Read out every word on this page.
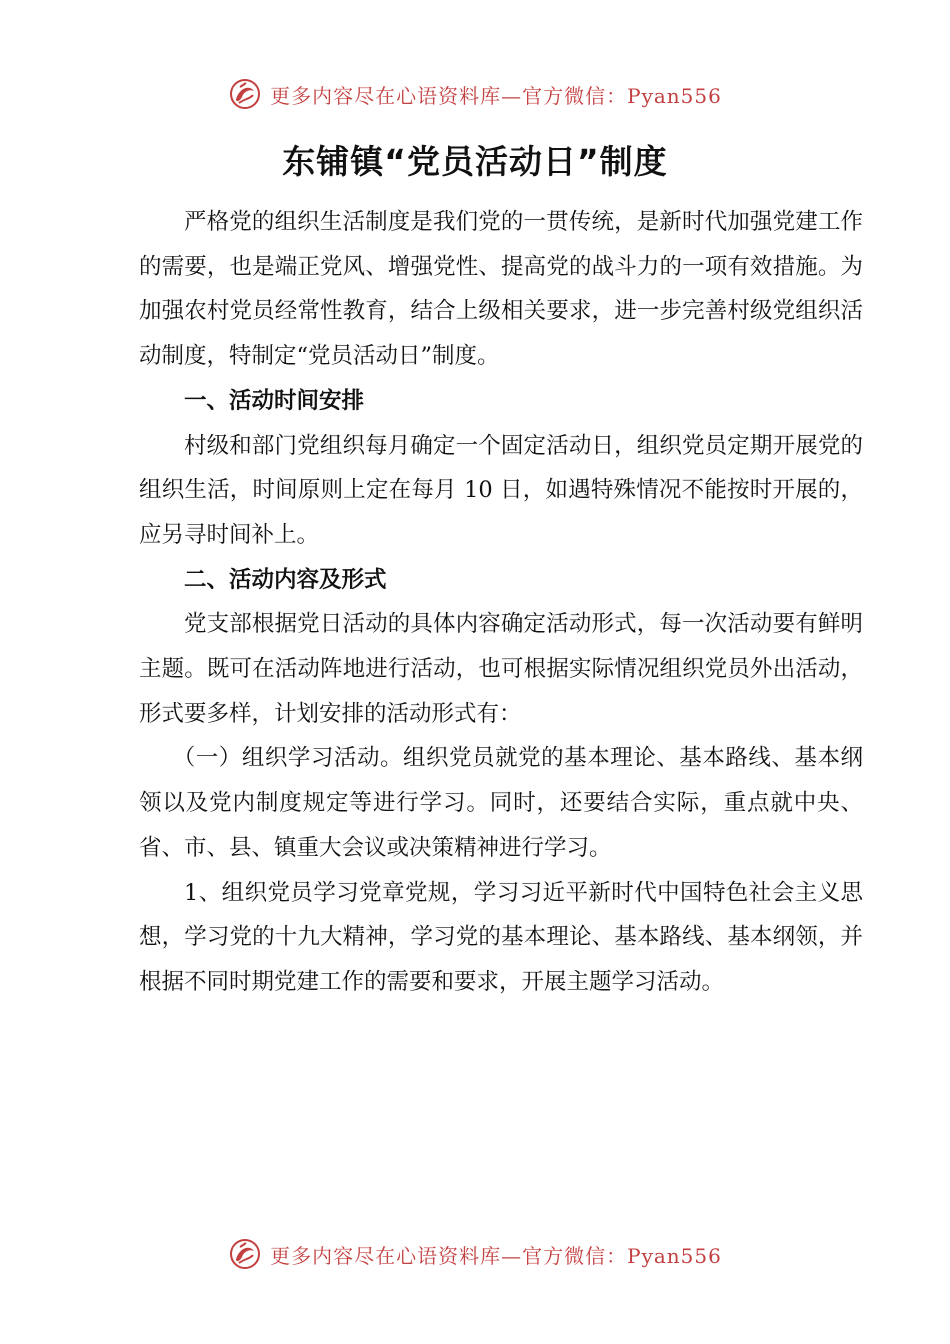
更多内容尽在心语资料库—官方微信：Pyan556
东铺镇“党员活动日”制度

严格党的组织生活制度是我们党的一贯传统，是新时代加强党建工作的需要，也是端正党风、增强党性、提高党的战斗力的一项有效措施。为加强农村党员经常性教育，结合上级相关要求，进一步完善村级党组织活动制度，特制定“党员活动日”制度。

一、活动时间安排

村级和部门党组织每月确定一个固定活动日，组织党员定期开展党的组织生活，时间原则上定在每月 10 日，如遇特殊情况不能按时开展的，应另寻时间补上。

二、活动内容及形式

党支部根据党日活动的具体内容确定活动形式，每一次活动要有鲜明主题。既可在活动阵地进行活动，也可根据实际情况组织党员外出活动，形式要多样，计划安排的活动形式有：

（一）组织学习活动。组织党员就党的基本理论、基本路线、基本纲领以及党内制度规定等进行学习。同时，还要结合实际，重点就中央、省、市、县、镇重大会议或决策精神进行学习。

1、组织党员学习党章党规，学习习近平新时代中国特色社会主义思想，学习党的十九大精神，学习党的基本理论、基本路线、基本纲领，并根据不同时期党建工作的需要和要求，开展主题学习活动。

更多内容尽在心语资料库—官方微信：Pyan556
